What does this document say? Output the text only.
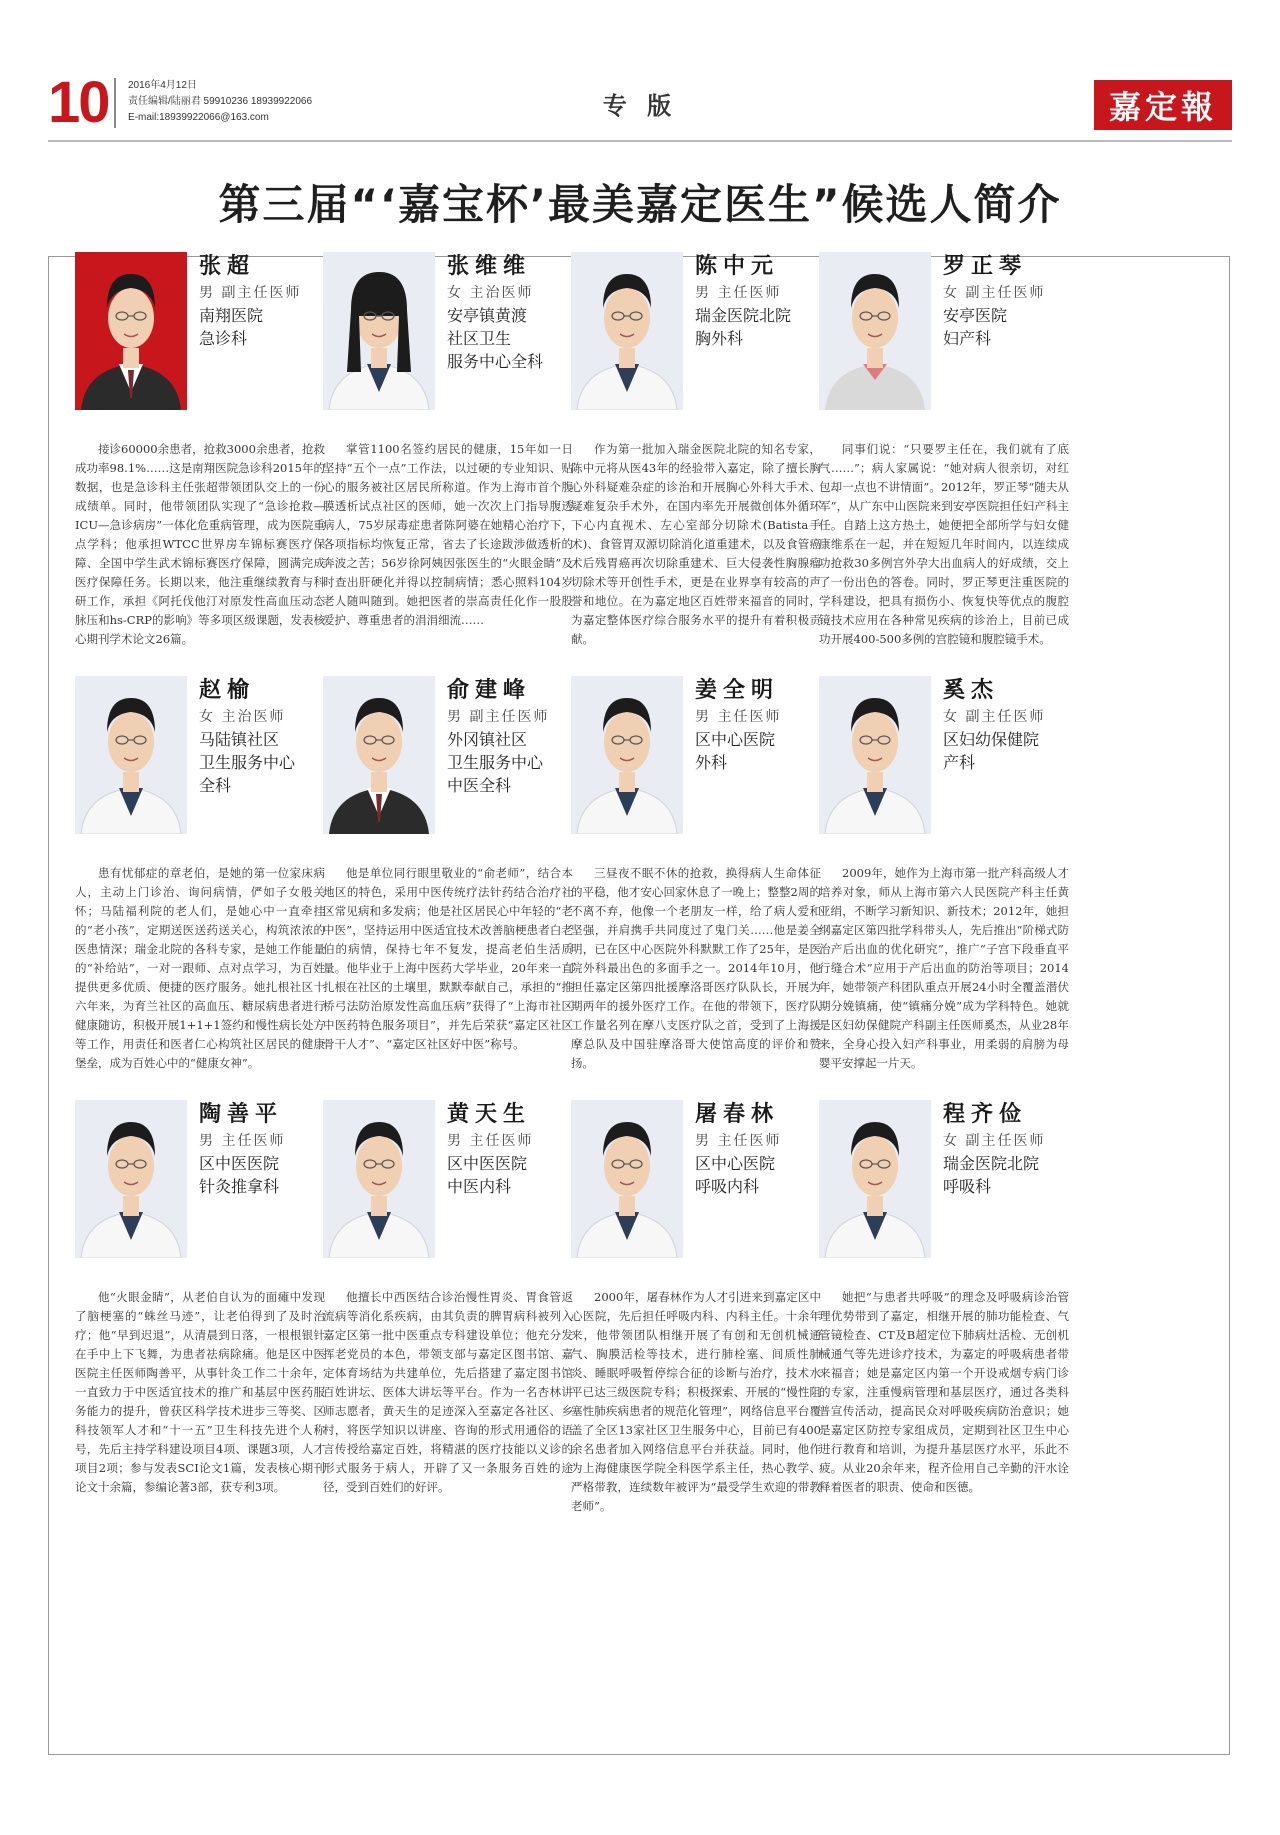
10 2016年4月12日
责任编辑/陆丽君 59910236 18939922066
E-mail:18939922066@163.com	专 版	嘉定報
第三届“‘嘉宝杯’最美嘉定医生”候选人简介
张超
男 副主任医师
南翔医院
急诊科

接诊60000余患者，抢救3000余患者，抢救成功率98.1%……这是南翔医院急诊科2015年的数据，也是急诊科主任张超带领团队交上的一份成绩单。同时，他带领团队实现了“急诊抢救—ICU—急诊病房”一体化危重病管理，成为医院重点学科；他承担WTCC世界房车锦标赛医疗保障、全国中学生武术锦标赛医疗保障，圆满完成医疗保障任务。长期以来，他注重继续教育与科研工作，承担《阿托伐他汀对原发性高血压动态脉压和hs-CRP的影响》等多项区级课题，发表核心期刊学术论文26篇。

张维维
女 主治医师
安亭镇黄渡
社区卫生
服务中心全科

掌管1100名签约居民的健康，15年如一日坚持“五个一点”工作法，以过硬的专业知识、贴心的服务被社区居民所称道。作为上海市首个腹膜透析试点社区的医师，她一次次上门指导腹透病人，75岁尿毒症患者陈阿婆在她精心治疗下，各项指标均恢复正常，省去了长途跋涉做透析的奔波之苦；56岁徐阿姨因张医生的“火眼金睛”及时查出肝硬化并得以控制病情；悉心照料104岁老人随叫随到。她把医者的崇高责任化作一股股爱护、尊重患者的涓涓细流……

陈中元
男 主任医师
瑞金医院北院
胸外科

作为第一批加入瑞金医院北院的知名专家，陈中元将从医43年的经验带入嘉定，除了擅长胸心外科疑难杂症的诊治和开展胸心外科大手术、疑难复杂手术外，在国内率先开展微创体外循环下心内直视术、左心室部分切除术(Batista手术)、食管胃双源切除消化道重建术，以及食管癌术后残胃癌再次切除重建术、巨大侵袭性胸腺瘤切除术等开创性手术，更是在业界享有较高的声誉和地位。在为嘉定地区百姓带来福音的同时，为嘉定整体医疗综合服务水平的提升有着积极贡献。

罗正琴
女 副主任医师
安亭医院
妇产科

同事们说：“只要罗主任在，我们就有了底气……”；病人家属说：“她对病人很亲切，对红包却一点也不讲情面”。2012年，罗正琴“随夫从军”，从广东中山医院来到安亭医院担任妇产科主任。自踏上这方热土，她便把全部所学与妇女健康维系在一起，并在短短几年时间内，以连续成功抢救30多例宫外孕大出血病人的好成绩，交上了一份出色的答卷。同时，罗正琴更注重医院的学科建设，把具有损伤小、恢复快等优点的腹腔镜技术应用在各种常见疾病的诊治上，目前已成功开展400-500多例的宫腔镜和腹腔镜手术。

赵榆
女 主治医师
马陆镇社区
卫生服务中心
全科

患有忧郁症的章老伯，是她的第一位家床病人，主动上门诊治、询问病情，俨如子女般关怀；马陆福利院的老人们，是她心中一直牵挂的“老小孩”，定期送医送药送关心，构筑浓浓的医患情深；瑞金北院的各科专家，是她工作能量的“补给站”，一对一跟师、点对点学习，为百姓提供更多优质、便捷的医疗服务。她扎根社区十六年来，为育兰社区的高血压、糖尿病患者进行健康随访，积极开展1+1+1签约和慢性病长处方等工作，用责任和医者仁心构筑社区居民的健康堡垒，成为百姓心中的“健康女神”。

俞建峰
男 副主任医师
外冈镇社区
卫生服务中心
中医全科

他是单位同行眼里敬业的“俞老师”，结合本地区的特色，采用中医传统疗法针药结合治疗社区常见病和多发病；他是社区居民心中年轻的“老中医”，坚持运用中医适宜技术改善脑梗患者白老伯的病情，保持七年不复发，提高老伯生活质量。他毕业于上海中医药大学毕业，20年来一直扎根在社区的土壤里，默默奉献自己，承担的“推桥弓法防治原发性高血压病”获得了“上海市社区中医药特色服务项目”，并先后荣获“嘉定区社区骨干人才”、“嘉定区社区好中医”称号。

姜全明
男 主任医师
区中心医院
外科

三昼夜不眠不休的抢救，换得病人生命体征的平稳，他才安心回家休息了一晚上；整整2周的不离不弃，他像一个老朋友一样，给了病人爱和坚强，并肩携手共同度过了鬼门关……他是姜全明，已在区中心医院外科默默工作了25年，是医院外科最出色的多面手之一。2014年10月，他担任嘉定区第四批援摩洛哥医疗队队长，开展为期两年的援外医疗工作。在他的带领下，医疗队工作量名列在摩八支医疗队之首，受到了上海援摩总队及中国驻摩洛哥大使馆高度的评价和赞扬。

奚杰
女 副主任医师
区妇幼保健院
产科

2009年，她作为上海市第一批产科高级人才培养对象，师从上海市第六人民医院产科主任黄亚绢，不断学习新知识、新技术；2012年，她担纲嘉定区第四批学科带头人，先后推出“阶梯式防治产后出血的优化研究”，推广“子宫下段垂直平行缝合术”应用于产后出血的防治等项目；2014年，她带领产科团队重点开展24小时全覆盖潜伏期分娩镇痛，使“镇痛分娩”成为学科特色。她就是区妇幼保健院产科副主任医师奚杰，从业28年来，全身心投入妇产科事业，用柔弱的肩膀为母婴平安撑起一片天。

陶善平
男 主任医师
区中医医院
针灸推拿科

他“火眼金睛”，从老伯自认为的面瘫中发现了脑梗塞的“蛛丝马迹”，让老伯得到了及时治疗；他“早到迟退”，从清晨到日落，一根根银针在手中上下飞舞，为患者祛病除痛。他是区中医医院主任医师陶善平，从事针灸工作二十余年，一直致力于中医适宜技术的推广和基层中医药服务能力的提升，曾获区科学技术进步三等奖、区科技领军人才和“十一五”卫生科技先进个人称号，先后主持学科建设项目4项、课题3项，人才项目2项；参与发表SCI论文1篇，发表核心期刊论文十余篇，参编论著3部，获专利3项。

黄天生
男 主任医师
区中医医院
中医内科

他擅长中西医结合诊治慢性胃炎、胃食管返流病等消化系疾病，由其负责的脾胃病科被列入嘉定区第一批中医重点专科建设单位；他充分发挥老党员的本色，带领支部与嘉定区图书馆、嘉定体育场结为共建单位，先后搭建了嘉定图书馆百姓讲坛、医体大讲坛等平台。作为一名杏林讲师志愿者，黄天生的足迹深入至嘉定各社区、乡村，将医学知识以讲座、咨询的形式用通俗的语言传授给嘉定百姓，将精湛的医疗技能以义诊的形式服务于病人，开辟了又一条服务百姓的途径，受到百姓们的好评。

屠春林
男 主任医师
区中心医院
呼吸内科

2000年，屠春林作为人才引进来到嘉定区中心医院，先后担任呼吸内科、内科主任。十余年来，他带领团队相继开展了有创和无创机械通气、胸膜活检等技术，进行肺栓塞、间质性肺炎、睡眠呼吸暂停综合征的诊断与治疗，技术水平已达三级医院专科；积极探索、开展的“慢性阻塞性肺疾病患者的规范化管理”，网络信息平台覆盖了全区13家社区卫生服务中心，目前已有400余名患者加入网络信息平台并获益。同时，他作为上海健康医学院全科医学系主任，热心教学、严格带教，连续数年被评为“最受学生欢迎的带教老师”。

程齐俭
女 副主任医师
瑞金医院北院
呼吸科

她把“与患者共呼吸”的理念及呼吸病诊治管理优势带到了嘉定，相继开展的肺功能检查、气管镜检查、CT及B超定位下肺病灶活检、无创机械通气等先进诊疗技术，为嘉定的呼吸病患者带来福音；她是嘉定区内第一个开设戒烟专病门诊的专家，注重慢病管理和基层医疗，通过各类科普宣传活动，提高民众对呼吸疾病防治意识；她是嘉定区防控专家组成员，定期到社区卫生中心进行教育和培训，为提升基层医疗水平，乐此不疲。从业20余年来，程齐俭用自己辛勤的汗水诠释着医者的职责、使命和医德。
